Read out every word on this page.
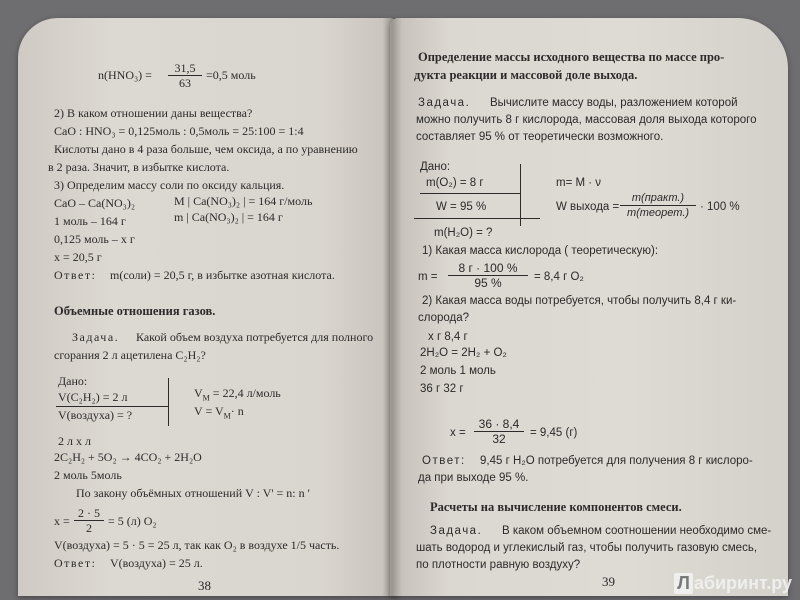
$n(HNO_3) = \frac{31,5}{63} =0,5$ моль
2) В каком отношении даны вещества?
CaO : HNO₃ = 0,125моль : 0,5моль = 25:100 = 1:4
Кислоты дано в 4 раза больше, чем оксида, а по уравнению
в 2 раза. Значит, в избытке кислота.
3) Определим массу соли по оксиду кальция.
CaO – Ca(NO₃)₂	M | Ca(NO₃)₂ | = 164 г/моль
m | Ca(NO₃)₂ | = 164 г
1 моль – 164 г
0,125 моль – х г
x = 20,5 г
Ответ: m(соли) = 20,5 г, в избытке азотная кислота.
Объемные отношения газов.
Задача. Какой объем воздуха потребуется для полного
сгорания 2 л ацетилена C₂H₂?
Дано:
V(C₂H₂) = 2 л
V(воздуха) = ?
$V_M = 22,4$ л/моль
$V = V_M\cdot n$
2 л х л
2C₂H₂ + 5O₂ → 4CO₂ + 2H₂O
2 моль 5моль
По закону объёмных отношений V : V' = n: n '
$x = \frac{2 \cdot 5}{2} = 5$ (л) O₂
V(воздуха) = 5 · 5 = 25 л, так как O₂ в воздухе 1/5 часть.
Ответ: V(воздуха) = 25 л.
38
Определение массы исходного вещества по массе про-
дукта реакции и массовой доле выхода.
Задача. Вычислите массу воды, разложением которой
можно получить 8 г кислорода, массовая доля выхода которого
составляет 95 % от теоретически возможного.
Дано:
m(O₂) = 8 г
W = 95 %
m(H₂O) = ?
m= M · ν
W выхода =
m(практ.)
m(теорет.) · 100 %
1) Какая масса кислорода ( теоретическую):
m =
8 г · 100 %
95 %	= 8,4 г O₂
2) Какая масса воды потребуется, чтобы получить 8,4 г ки-
слорода?
х г 8,4 г
2H₂O = 2H₂ + O₂
2 моль 1 моль
36 г 32 г
$x = \frac{36 \cdot 8,4}{32} = 9,45$ (г)
Ответ: 9,45 г H₂O потребуется для получения 8 г кислоро-
да при выходе 95 %.
Расчеты на вычисление компонентов смеси.
Задача. В каком объемном соотношении необходимо сме-
шать водород и углекислый газ, чтобы получить газовую смесь,
по плотности равную воздуху?
39	Л абиринт.ру
